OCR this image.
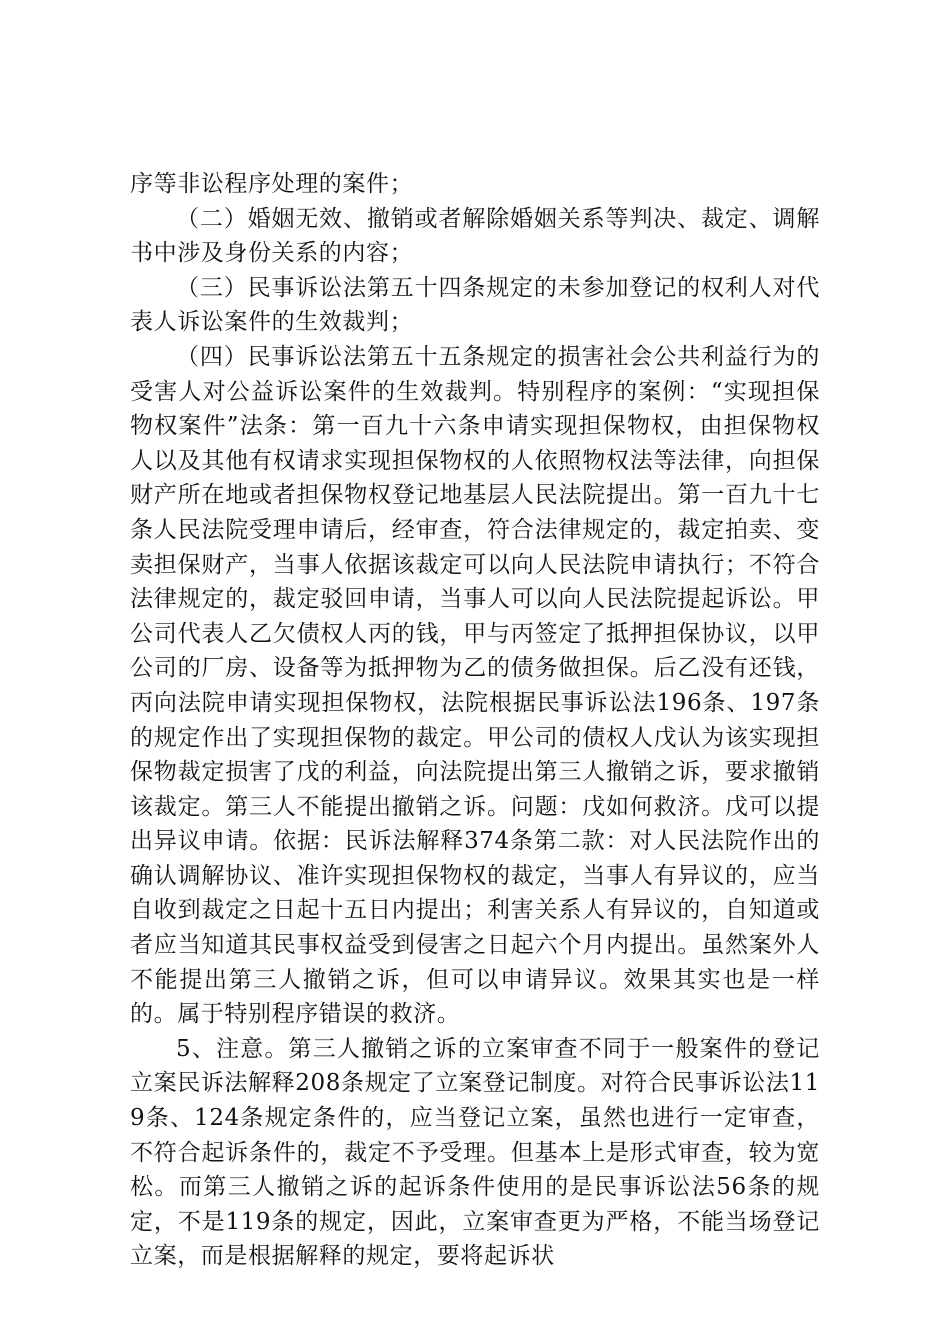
序等非讼程序处理的案件；

（二）婚姻无效、撤销或者解除婚姻关系等判决、裁定、调解书中涉及身份关系的内容；

（三）民事诉讼法第五十四条规定的未参加登记的权利人对代表人诉讼案件的生效裁判；

（四）民事诉讼法第五十五条规定的损害社会公共利益行为的受害人对公益诉讼案件的生效裁判。特别程序的案例：“实现担保物权案件”法条：第一百九十六条申请实现担保物权，由担保物权人以及其他有权请求实现担保物权的人依照物权法等法律，向担保财产所在地或者担保物权登记地基层人民法院提出。第一百九十七条人民法院受理申请后，经审查，符合法律规定的，裁定拍卖、变卖担保财产，当事人依据该裁定可以向人民法院申请执行；不符合法律规定的，裁定驳回申请，当事人可以向人民法院提起诉讼。甲公司代表人乙欠债权人丙的钱，甲与丙签定了抵押担保协议，以甲公司的厂房、设备等为抵押物为乙的债务做担保。后乙没有还钱，丙向法院申请实现担保物权，法院根据民事诉讼法196条、197条的规定作出了实现担保物的裁定。甲公司的债权人戊认为该实现担保物裁定损害了戊的利益，向法院提出第三人撤销之诉，要求撤销该裁定。第三人不能提出撤销之诉。问题：戊如何救济。戊可以提出异议申请。依据：民诉法解释374条第二款：对人民法院作出的确认调解协议、准许实现担保物权的裁定，当事人有异议的，应当自收到裁定之日起十五日内提出；利害关系人有异议的，自知道或者应当知道其民事权益受到侵害之日起六个月内提出。虽然案外人不能提出第三人撤销之诉，但可以申请异议。效果其实也是一样的。属于特别程序错误的救济。

5、注意。第三人撤销之诉的立案审查不同于一般案件的登记立案民诉法解释208条规定了立案登记制度。对符合民事诉讼法119条、124条规定条件的，应当登记立案，虽然也进行一定审查，不符合起诉条件的，裁定不予受理。但基本上是形式审查，较为宽松。而第三人撤销之诉的起诉条件使用的是民事诉讼法56条的规定，不是119条的规定，因此，立案审查更为严格，不能当场登记立案，而是根据解释的规定，要将起诉状
